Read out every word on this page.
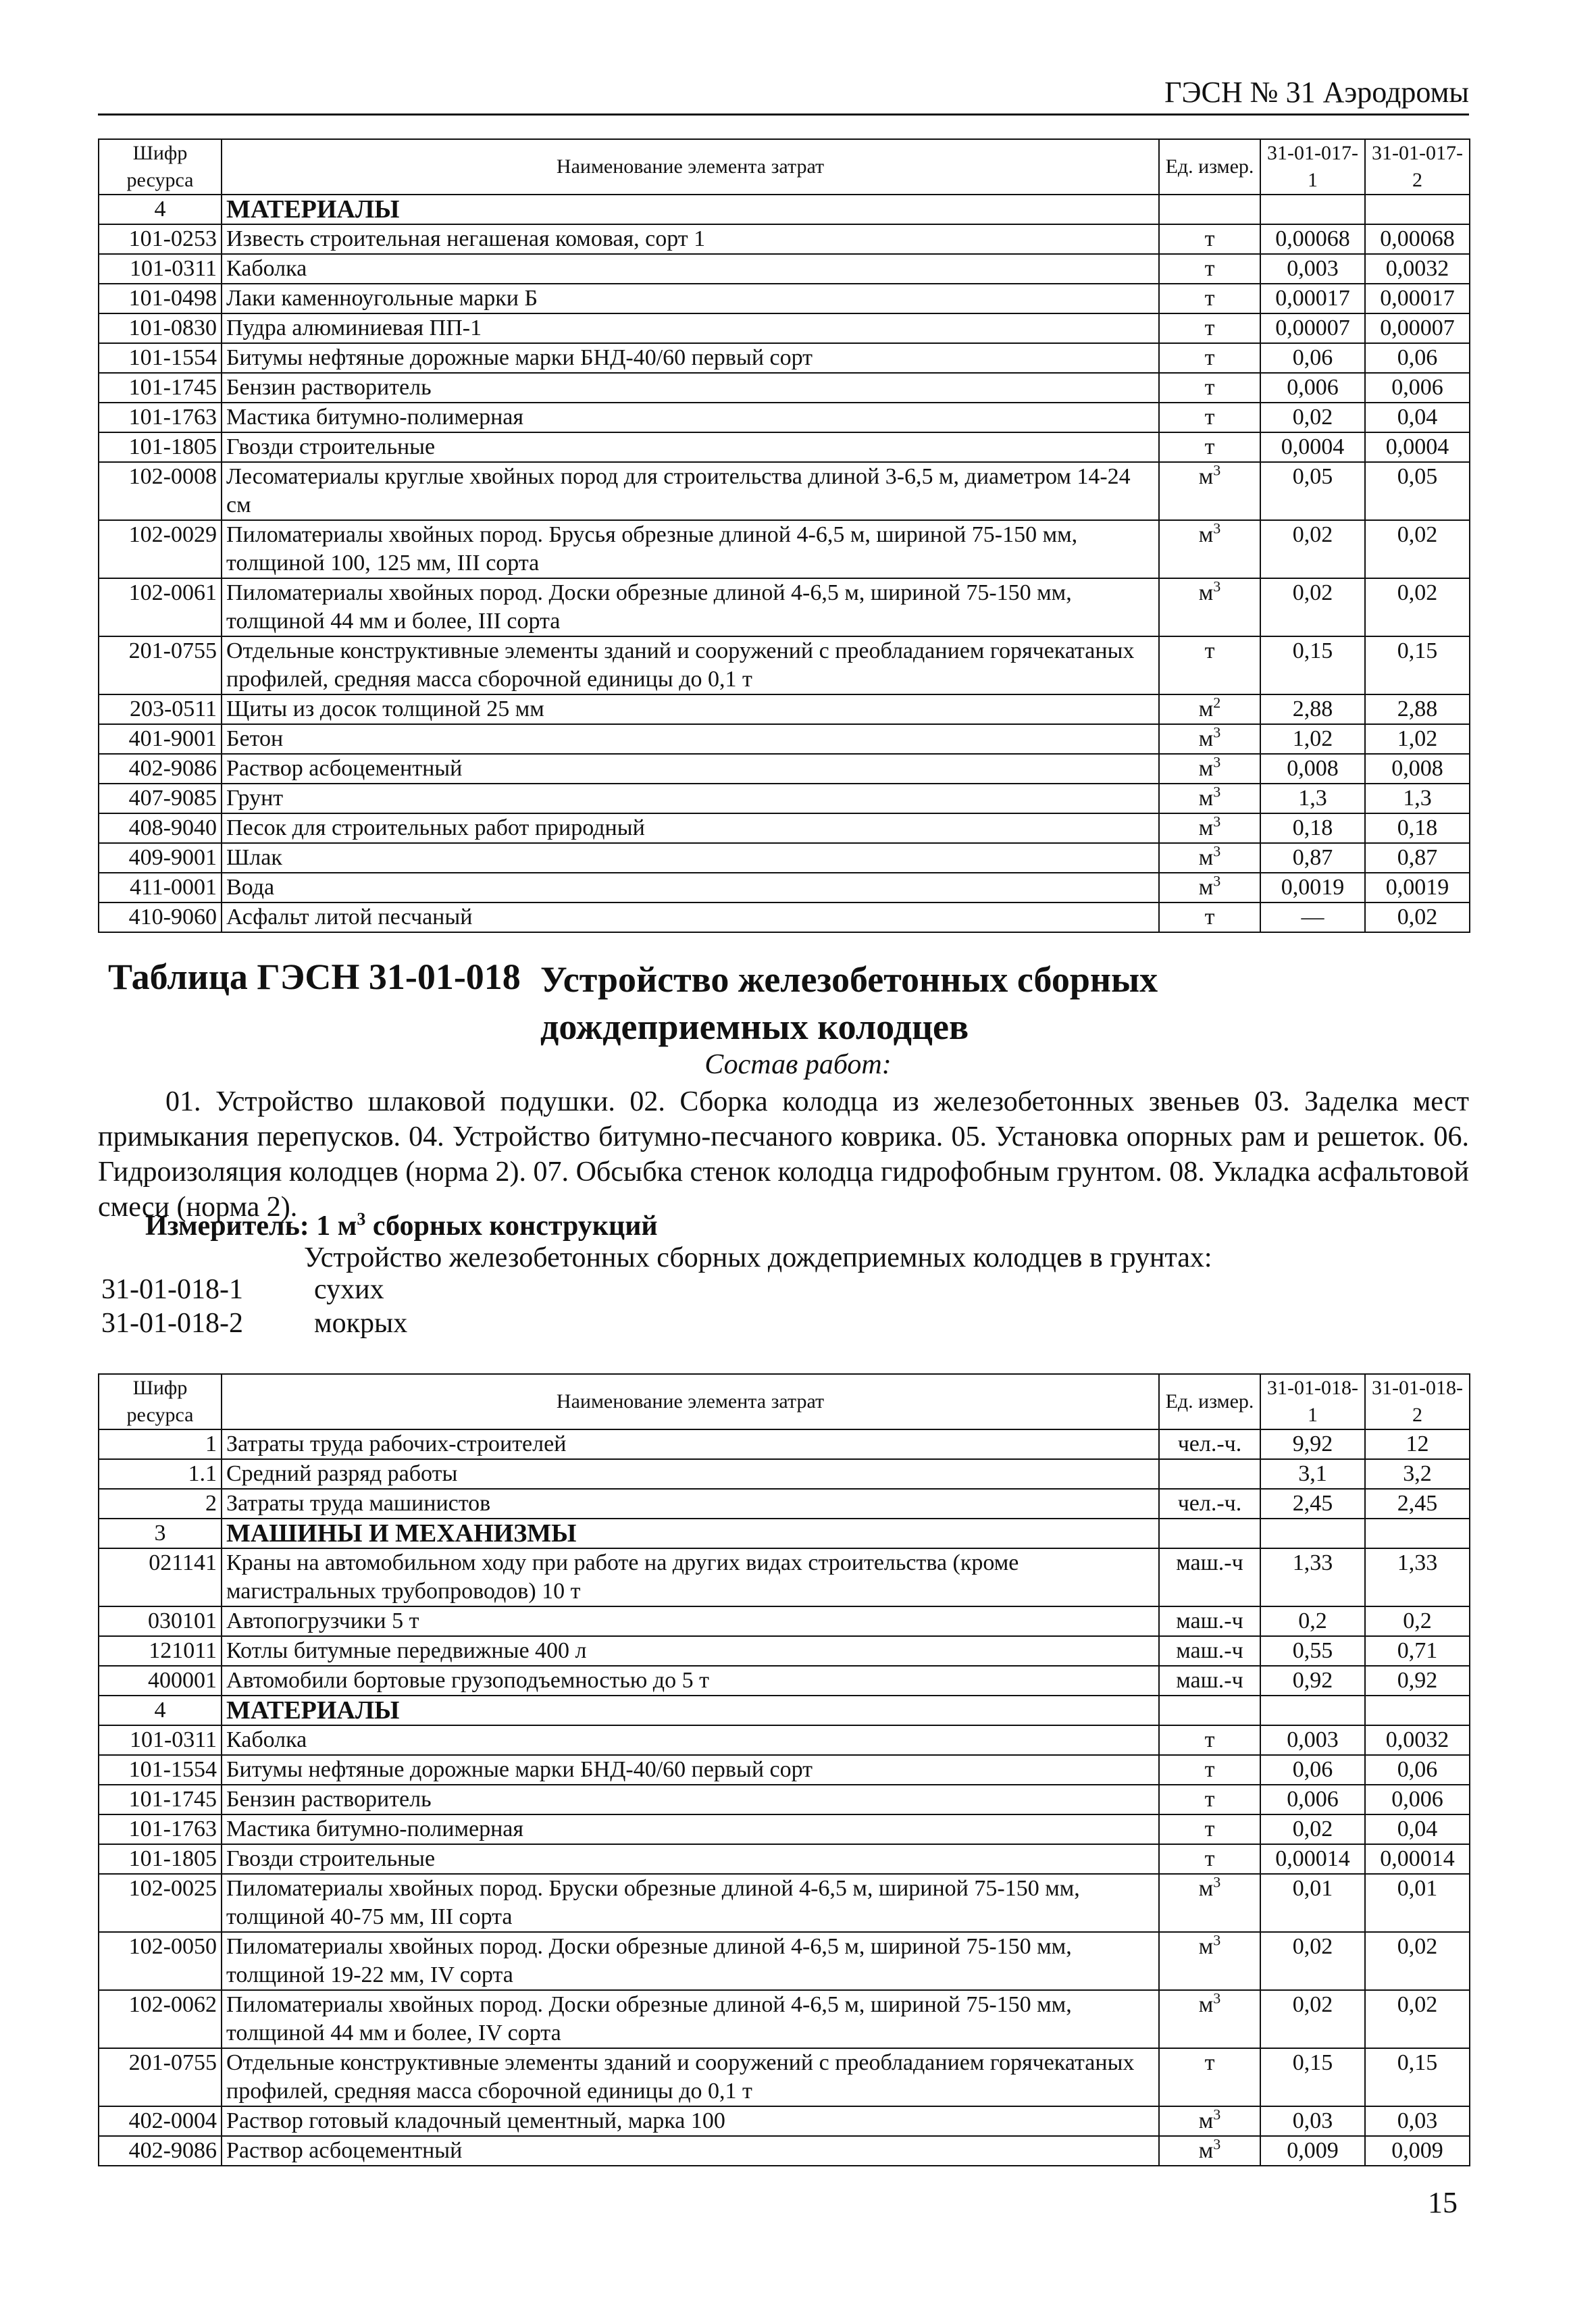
ГЭСН № 31 Аэродромы
Шифр ресурса	Наименование элемента затрат	Ед. измер.	31-01-017-1	31-01-017-2
4	МАТЕРИАЛЫ			
101-0253	Известь строительная негашеная комовая, сорт 1	т	0,00068	0,00068
101-0311	Каболка	т	0,003	0,0032
101-0498	Лаки каменноугольные марки Б	т	0,00017	0,00017
101-0830	Пудра алюминиевая ПП-1	т	0,00007	0,00007
101-1554	Битумы нефтяные дорожные марки БНД-40/60 первый сорт	т	0,06	0,06
101-1745	Бензин растворитель	т	0,006	0,006
101-1763	Мастика битумно-полимерная	т	0,02	0,04
101-1805	Гвозди строительные	т	0,0004	0,0004
102-0008	Лесоматериалы круглые хвойных пород для строительства длиной 3-6,5 м, диаметром 14-24 см	$м^3$	0,05	0,05
102-0029	Пиломатериалы хвойных пород. Брусья обрезные длиной 4-6,5 м, шириной 75-150 мм, толщиной 100, 125 мм, III сорта	$м^3$	0,02	0,02
102-0061	Пиломатериалы хвойных пород. Доски обрезные длиной 4-6,5 м, шириной 75-150 мм, толщиной 44 мм и более, III сорта	$м^3$	0,02	0,02
201-0755	Отдельные конструктивные элементы зданий и сооружений с преобладанием горячекатаных профилей, средняя масса сборочной единицы до 0,1 т	т	0,15	0,15
203-0511	Щиты из досок толщиной 25 мм	$м^2$	2,88	2,88
401-9001	Бетон	$м^3$	1,02	1,02
402-9086	Раствор асбоцементный	$м^3$	0,008	0,008
407-9085	Грунт	$м^3$	1,3	1,3
408-9040	Песок для строительных работ природный	$м^3$	0,18	0,18
409-9001	Шлак	$м^3$	0,87	0,87
411-0001	Вода	$м^3$	0,0019	0,0019
410-9060	Асфальт литой песчаный	т	—	0,02
Таблица ГЭСН 31-01-018 Устройство железобетонных сборных дождеприемных колодцев
Состав работ:
01. Устройство шлаковой подушки. 02. Сборка колодца из железобетонных звеньев 03. Заделка мест примыкания перепусков. 04. Устройство битумно-песчаного коврика. 05. Установка опорных рам и решеток. 06. Гидроизоляция колодцев (норма 2). 07. Обсыбка стенок колодца гидрофобным грунтом. 08. Укладка асфальтовой смеси (норма 2).
Измеритель: 1 $м^3$ сборных конструкций
Устройство железобетонных сборных дождеприемных колодцев в грунтах:
31-01-018-1	сухих
31-01-018-2	мокрых
Шифр ресурса	Наименование элемента затрат	Ед. измер.	31-01-018-1	31-01-018-2
1	Затраты труда рабочих-строителей	чел.-ч.	9,92	12
1.1	Средний разряд работы		3,1	3,2
2	Затраты труда машинистов	чел.-ч.	2,45	2,45
3	МАШИНЫ И МЕХАНИЗМЫ			
021141	Краны на автомобильном ходу при работе на других видах строительства (кроме магистральных трубопроводов) 10 т	маш.-ч	1,33	1,33
030101	Автопогрузчики 5 т	маш.-ч	0,2	0,2
121011	Котлы битумные передвижные 400 л	маш.-ч	0,55	0,71
400001	Автомобили бортовые грузоподъемностью до 5 т	маш.-ч	0,92	0,92
4	МАТЕРИАЛЫ			
101-0311	Каболка	т	0,003	0,0032
101-1554	Битумы нефтяные дорожные марки БНД-40/60 первый сорт	т	0,06	0,06
101-1745	Бензин растворитель	т	0,006	0,006
101-1763	Мастика битумно-полимерная	т	0,02	0,04
101-1805	Гвозди строительные	т	0,00014	0,00014
102-0025	Пиломатериалы хвойных пород. Бруски обрезные длиной 4-6,5 м, шириной 75-150 мм, толщиной 40-75 мм, III сорта	$м^3$	0,01	0,01
102-0050	Пиломатериалы хвойных пород. Доски обрезные длиной 4-6,5 м, шириной 75-150 мм, толщиной 19-22 мм, IV сорта	$м^3$	0,02	0,02
102-0062	Пиломатериалы хвойных пород. Доски обрезные длиной 4-6,5 м, шириной 75-150 мм, толщиной 44 мм и более, IV сорта	$м^3$	0,02	0,02
201-0755	Отдельные конструктивные элементы зданий и сооружений с преобладанием горячекатаных профилей, средняя масса сборочной единицы до 0,1 т	т	0,15	0,15
402-0004	Раствор готовый кладочный цементный, марка 100	$м^3$	0,03	0,03
402-9086	Раствор асбоцементный	$м^3$	0,009	0,009
15
